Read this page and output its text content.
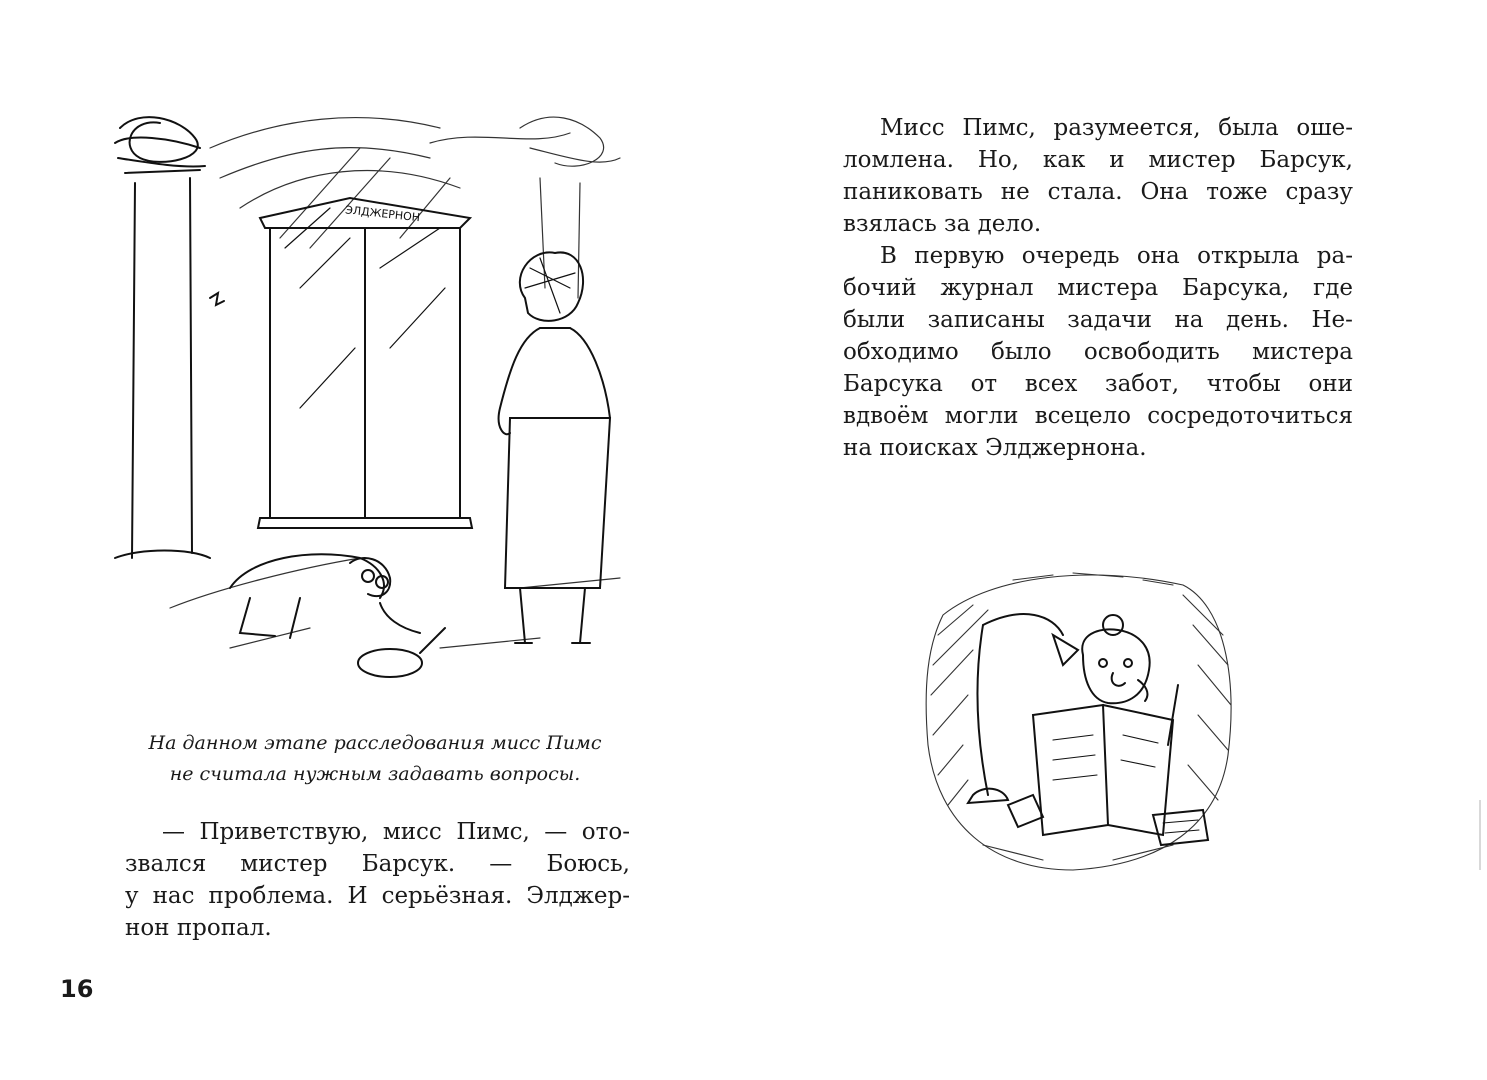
ЭЛДЖЕРНОН
На данном этапе расследования мисс Пимс
не считала нужным задавать вопросы.
— Приветствую, мисс Пимс, — ото-
звался мистер Барсук. — Боюсь,
у нас проблема. И серьёзная. Элджер-
нон пропал.
16
Мисс Пимс, разумеется, была оше-
ломлена. Но, как и мистер Барсук,
паниковать не стала. Она тоже сразу
взялась за дело.
В первую очередь она открыла ра-
бочий журнал мистера Барсука, где
были записаны задачи на день. Не-
обходимо было освободить мистера
Барсука от всех забот, чтобы они
вдвоём могли всецело сосредоточиться
на поисках Элджернона.
